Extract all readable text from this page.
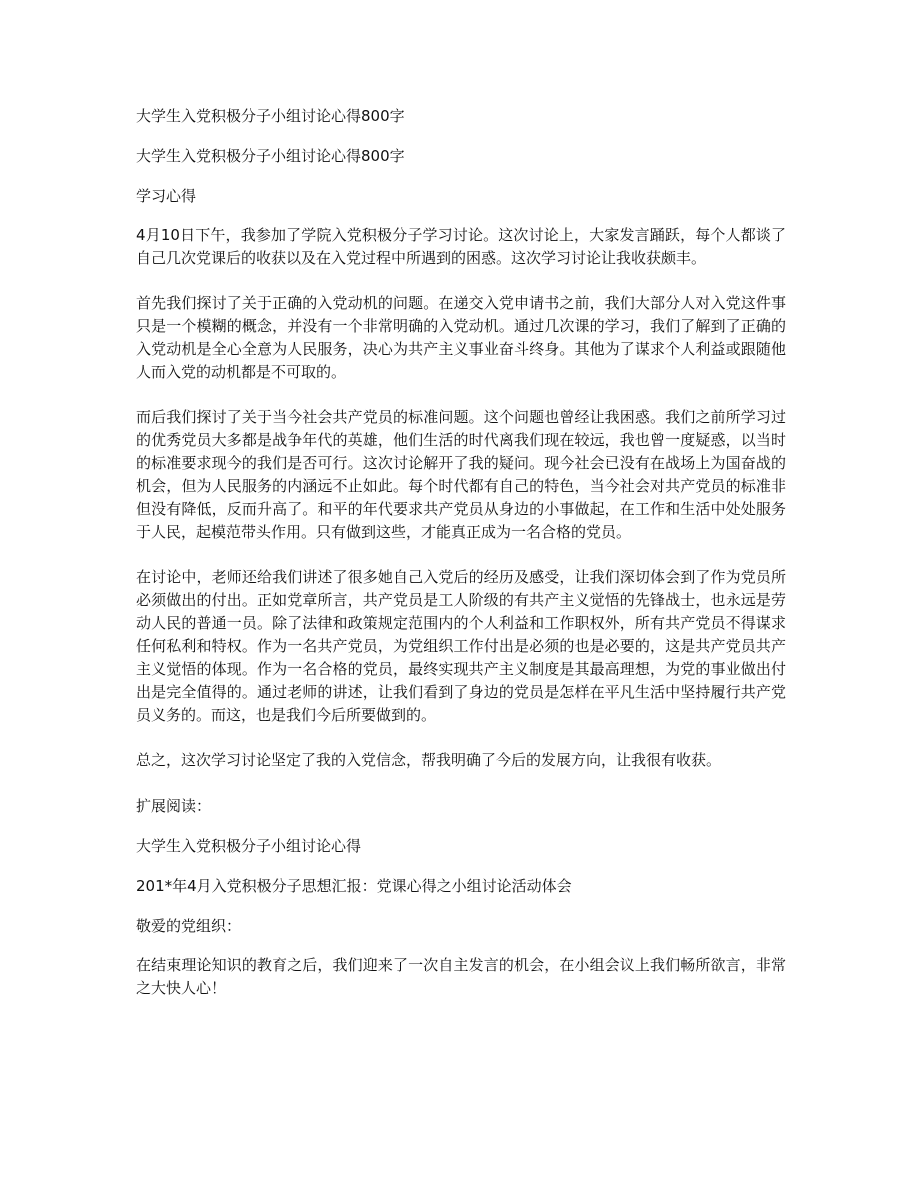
大学生入党积极分子小组讨论心得800字

大学生入党积极分子小组讨论心得800字

学习心得

4月10日下午，我参加了学院入党积极分子学习讨论。这次讨论上，大家发言踊跃，每个人都谈了自己几次党课后的收获以及在入党过程中所遇到的困惑。这次学习讨论让我收获颇丰。

首先我们探讨了关于正确的入党动机的问题。在递交入党申请书之前，我们大部分人对入党这件事只是一个模糊的概念，并没有一个非常明确的入党动机。通过几次课的学习，我们了解到了正确的入党动机是全心全意为人民服务，决心为共产主义事业奋斗终身。其他为了谋求个人利益或跟随他人而入党的动机都是不可取的。

而后我们探讨了关于当今社会共产党员的标准问题。这个问题也曾经让我困惑。我们之前所学习过的优秀党员大多都是战争年代的英雄，他们生活的时代离我们现在较远，我也曾一度疑惑，以当时的标准要求现今的我们是否可行。这次讨论解开了我的疑问。现今社会已没有在战场上为国奋战的机会，但为人民服务的内涵远不止如此。每个时代都有自己的特色，当今社会对共产党员的标准非但没有降低，反而升高了。和平的年代要求共产党员从身边的小事做起，在工作和生活中处处服务于人民，起模范带头作用。只有做到这些，才能真正成为一名合格的党员。

在讨论中，老师还给我们讲述了很多她自己入党后的经历及感受，让我们深切体会到了作为党员所必须做出的付出。正如党章所言，共产党员是工人阶级的有共产主义觉悟的先锋战士，也永远是劳动人民的普通一员。除了法律和政策规定范围内的个人利益和工作职权外，所有共产党员不得谋求任何私利和特权。作为一名共产党员，为党组织工作付出是必须的也是必要的，这是共产党员共产主义觉悟的体现。作为一名合格的党员，最终实现共产主义制度是其最高理想，为党的事业做出付出是完全值得的。通过老师的讲述，让我们看到了身边的党员是怎样在平凡生活中坚持履行共产党员义务的。而这，也是我们今后所要做到的。

总之，这次学习讨论坚定了我的入党信念，帮我明确了今后的发展方向，让我很有收获。

扩展阅读：

大学生入党积极分子小组讨论心得

201*年4月入党积极分子思想汇报：党课心得之小组讨论活动体会

敬爱的党组织：

在结束理论知识的教育之后，我们迎来了一次自主发言的机会，在小组会议上我们畅所欲言，非常之大快人心！
